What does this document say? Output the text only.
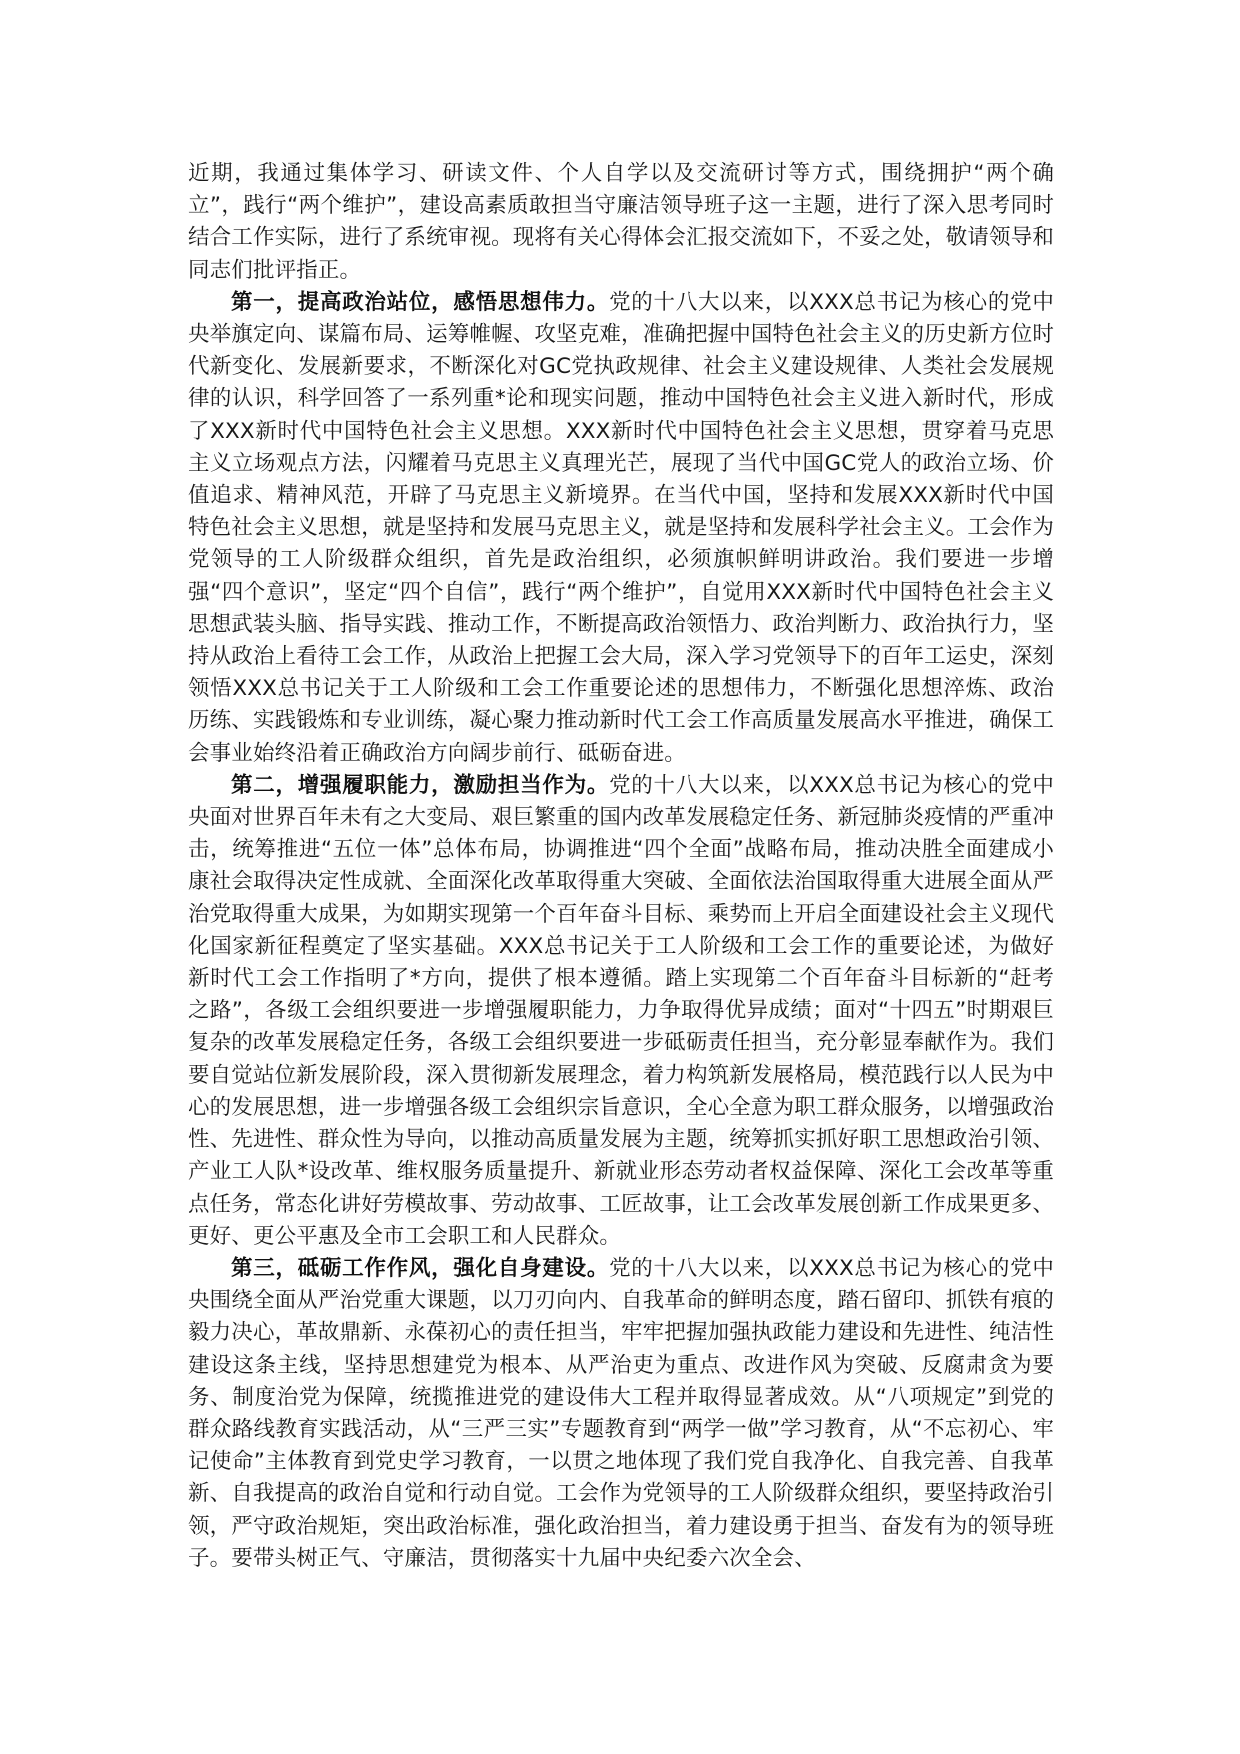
近期，我通过集体学习、研读文件、个人自学以及交流研讨等方式，围绕拥护“两个确立”，践行“两个维护”，建设高素质敢担当守廉洁领导班子这一主题，进行了深入思考同时结合工作实际，进行了系统审视。现将有关心得体会汇报交流如下，不妥之处，敬请领导和同志们批评指正。

第一，提高政治站位，感悟思想伟力。党的十八大以来，以XXX总书记为核心的党中央举旗定向、谋篇布局、运筹帷幄、攻坚克难，准确把握中国特色社会主义的历史新方位时代新变化、发展新要求，不断深化对GC党执政规律、社会主义建设规律、人类社会发展规律的认识，科学回答了一系列重*论和现实问题，推动中国特色社会主义进入新时代，形成了XXX新时代中国特色社会主义思想。XXX新时代中国特色社会主义思想，贯穿着马克思主义立场观点方法，闪耀着马克思主义真理光芒，展现了当代中国GC党人的政治立场、价值追求、精神风范，开辟了马克思主义新境界。在当代中国，坚持和发展XXX新时代中国特色社会主义思想，就是坚持和发展马克思主义，就是坚持和发展科学社会主义。工会作为党领导的工人阶级群众组织，首先是政治组织，必须旗帜鲜明讲政治。我们要进一步增强“四个意识”，坚定“四个自信”，践行“两个维护”，自觉用XXX新时代中国特色社会主义思想武装头脑、指导实践、推动工作，不断提高政治领悟力、政治判断力、政治执行力，坚持从政治上看待工会工作，从政治上把握工会大局，深入学习党领导下的百年工运史，深刻领悟XXX总书记关于工人阶级和工会工作重要论述的思想伟力，不断强化思想淬炼、政治历练、实践锻炼和专业训练，凝心聚力推动新时代工会工作高质量发展高水平推进，确保工会事业始终沿着正确政治方向阔步前行、砥砺奋进。

第二，增强履职能力，激励担当作为。党的十八大以来，以XXX总书记为核心的党中央面对世界百年未有之大变局、艰巨繁重的国内改革发展稳定任务、新冠肺炎疫情的严重冲击，统筹推进“五位一体”总体布局，协调推进“四个全面”战略布局，推动决胜全面建成小康社会取得决定性成就、全面深化改革取得重大突破、全面依法治国取得重大进展全面从严治党取得重大成果，为如期实现第一个百年奋斗目标、乘势而上开启全面建设社会主义现代化国家新征程奠定了坚实基础。XXX总书记关于工人阶级和工会工作的重要论述，为做好新时代工会工作指明了*方向，提供了根本遵循。踏上实现第二个百年奋斗目标新的“赶考之路”，各级工会组织要进一步增强履职能力，力争取得优异成绩；面对“十四五”时期艰巨复杂的改革发展稳定任务，各级工会组织要进一步砥砺责任担当，充分彰显奉献作为。我们要自觉站位新发展阶段，深入贯彻新发展理念，着力构筑新发展格局，模范践行以人民为中心的发展思想，进一步增强各级工会组织宗旨意识，全心全意为职工群众服务，以增强政治性、先进性、群众性为导向，以推动高质量发展为主题，统筹抓实抓好职工思想政治引领、产业工人队*设改革、维权服务质量提升、新就业形态劳动者权益保障、深化工会改革等重点任务，常态化讲好劳模故事、劳动故事、工匠故事，让工会改革发展创新工作成果更多、更好、更公平惠及全市工会职工和人民群众。

第三，砥砺工作作风，强化自身建设。党的十八大以来，以XXX总书记为核心的党中央围绕全面从严治党重大课题，以刀刃向内、自我革命的鲜明态度，踏石留印、抓铁有痕的毅力决心，革故鼎新、永葆初心的责任担当，牢牢把握加强执政能力建设和先进性、纯洁性建设这条主线，坚持思想建党为根本、从严治吏为重点、改进作风为突破、反腐肃贪为要务、制度治党为保障，统揽推进党的建设伟大工程并取得显著成效。从“八项规定”到党的群众路线教育实践活动，从“三严三实”专题教育到“两学一做”学习教育，从“不忘初心、牢记使命”主体教育到党史学习教育，一以贯之地体现了我们党自我净化、自我完善、自我革新、自我提高的政治自觉和行动自觉。工会作为党领导的工人阶级群众组织，要坚持政治引领，严守政治规矩，突出政治标准，强化政治担当，着力建设勇于担当、奋发有为的领导班子。要带头树正气、守廉洁，贯彻落实十九届中央纪委六次全会、
